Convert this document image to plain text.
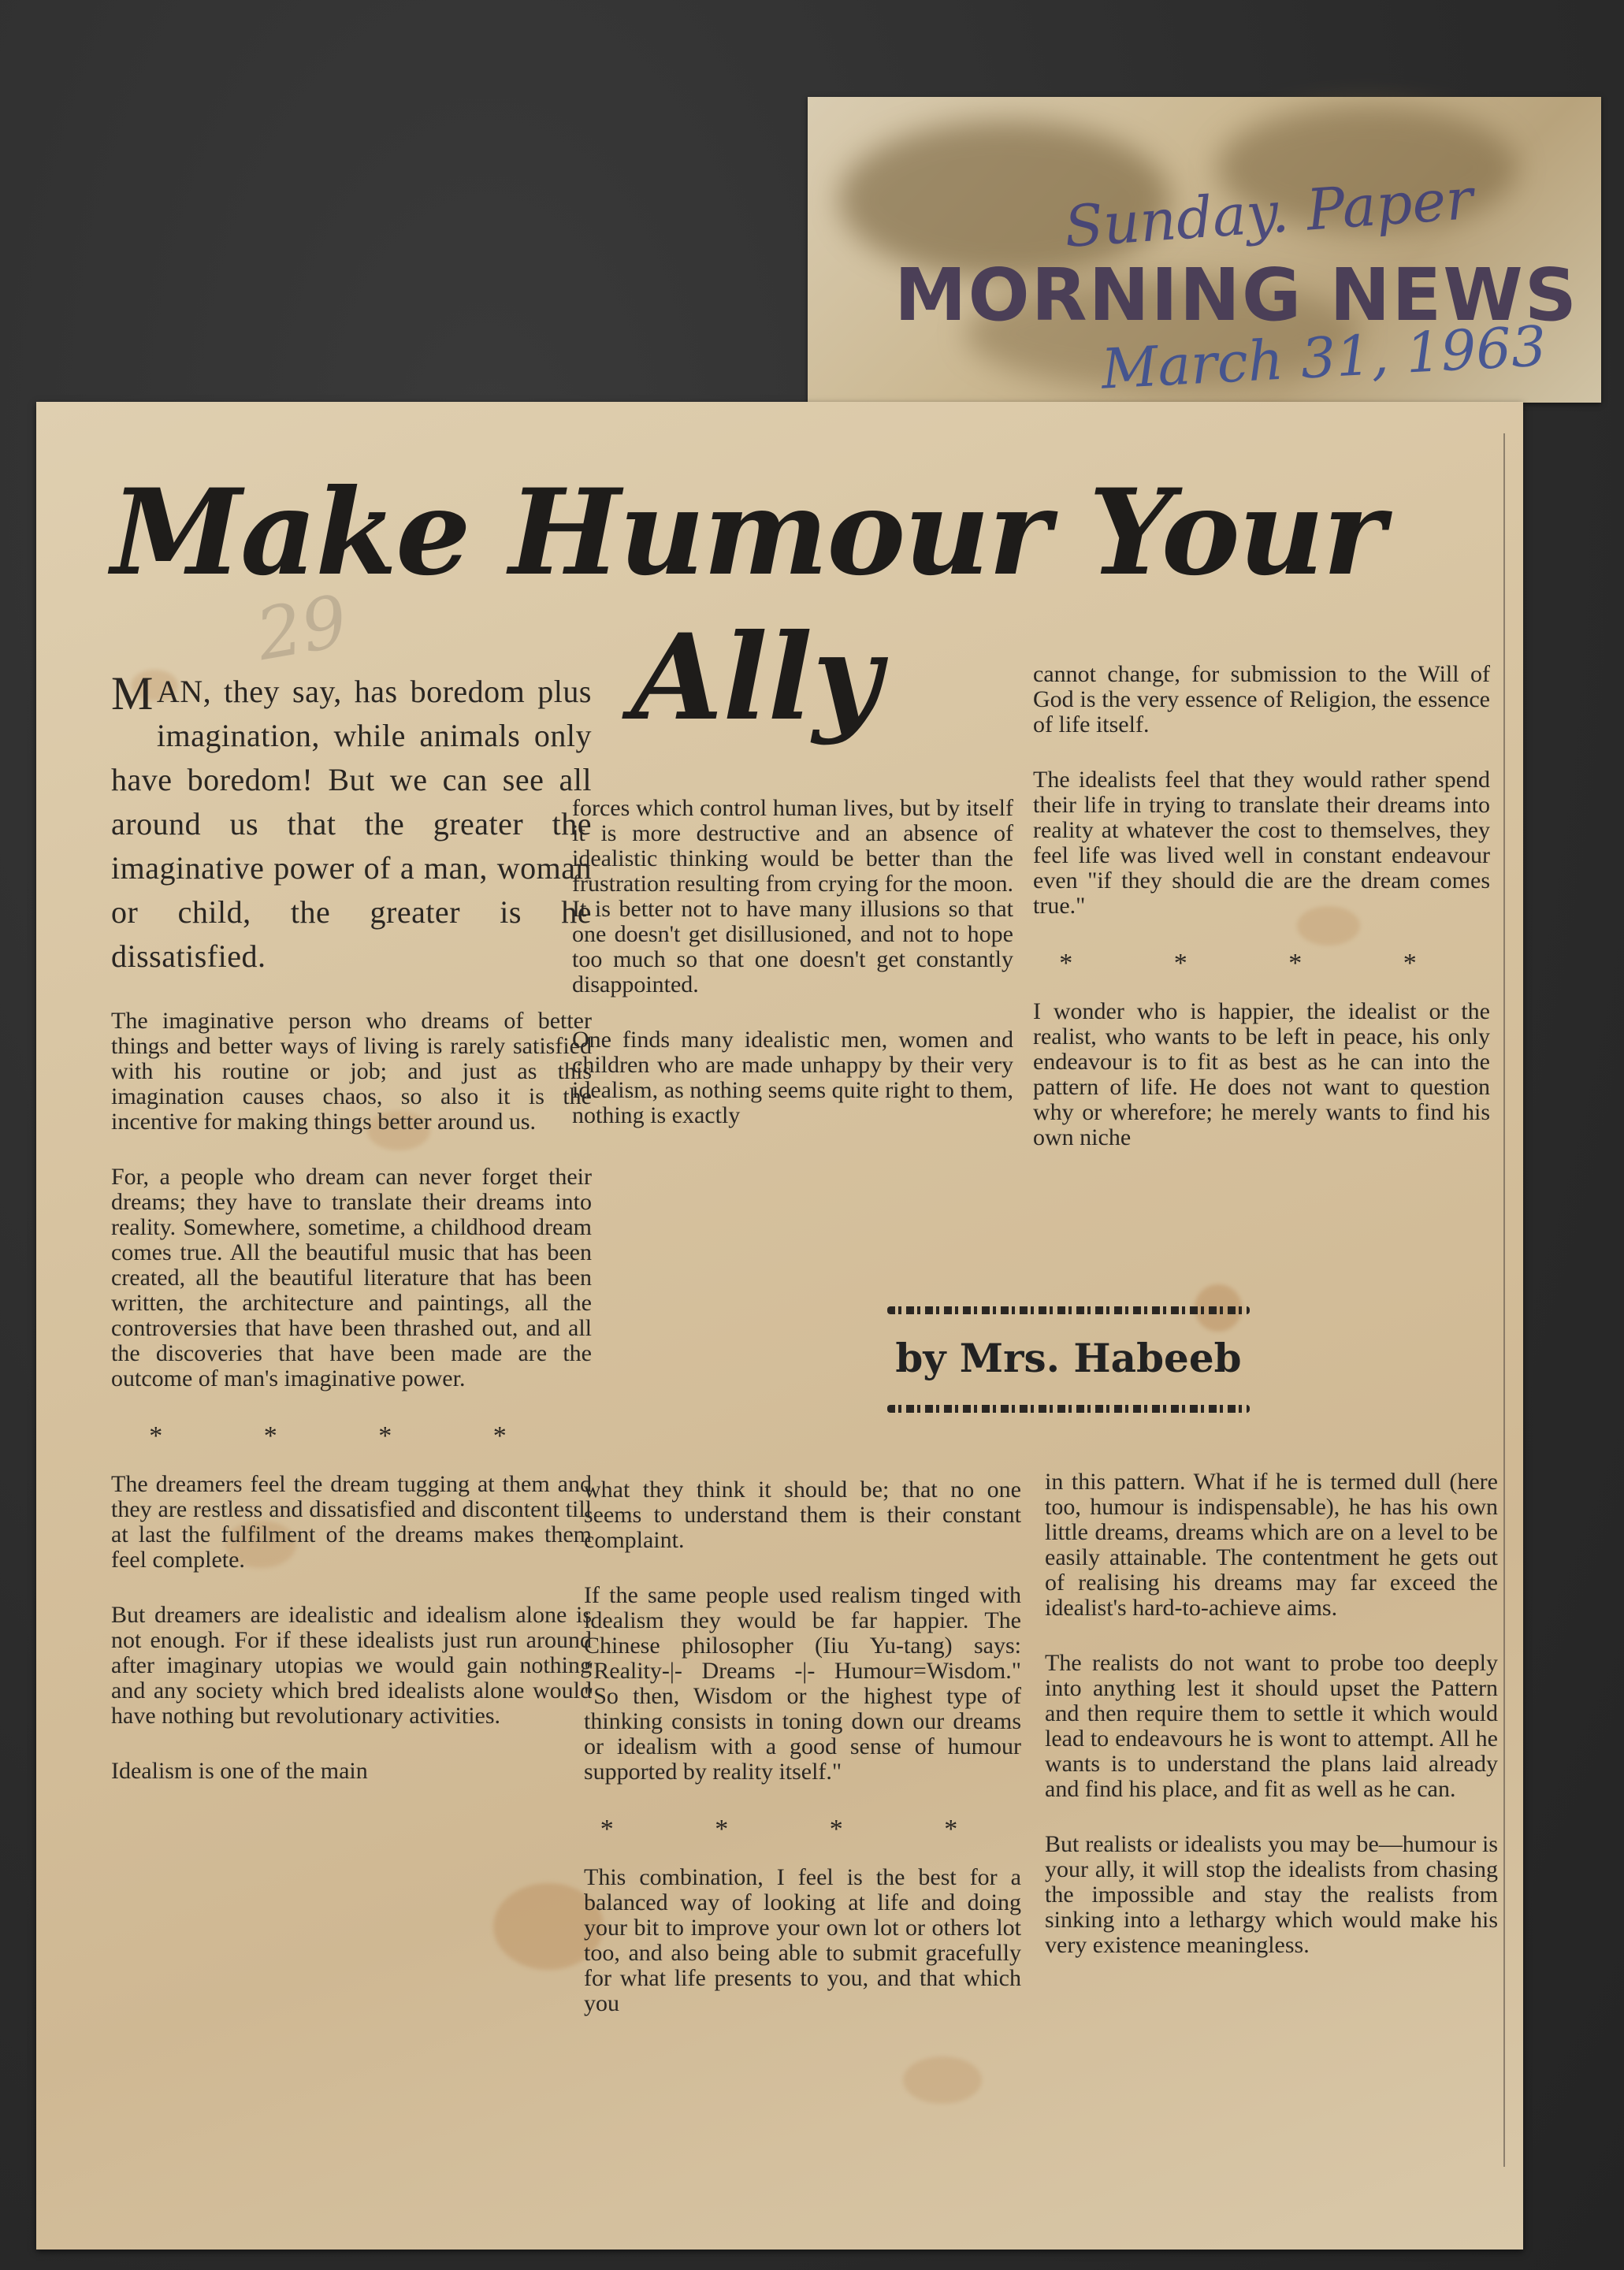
Sunday. Paper
MORNING NEWS
March 31, 1963
29
Make Humour Your
Ally

MAN, they say, has boredom plus imagination, while animals only have boredom! But we can see all around us that the greater the imaginative power of a man, woman or child, the greater is he dissatisfied.

The imaginative person who dreams of better things and better ways of living is rarely satisfied with his routine or job; and just as this imagination causes chaos, so also it is the incentive for making things better around us.

For, a people who dream can never forget their dreams; they have to translate their dreams into reality. Somewhere, sometime, a childhood dream comes true. All the beautiful music that has been created, all the beautiful literature that has been written, the architecture and paintings, all the controversies that have been thrashed out, and all the discoveries that have been made are the outcome of man's imaginative power.

* * * *

The dreamers feel the dream tugging at them and they are restless and dissatisfied and discontent till at last the fulfilment of the dreams makes them feel complete.

But dreamers are idealistic and idealism alone is not enough. For if these idealists just run around after imaginary utopias we would gain nothing and any society which bred idealists alone would have nothing but revolutionary activities.

Idealism is one of the main

forces which control human lives, but by itself it is more destructive and an absence of idealistic thinking would be better than the frustration resulting from crying for the moon. It is better not to have many illusions so that one doesn't get disillusioned, and not to hope too much so that one doesn't get constantly disappointed.

One finds many idealistic men, women and children who are made unhappy by their very idealism, as nothing seems quite right to them, nothing is exactly

cannot change, for submission to the Will of God is the very essence of Religion, the essence of life itself.

The idealists feel that they would rather spend their life in trying to translate their dreams into reality at whatever the cost to themselves, they feel life was lived well in constant endeavour even "if they should die are the dream comes true."

* * * *

I wonder who is happier, the idealist or the realist, who wants to be left in peace, his only endeavour is to fit as best as he can into the pattern of life. He does not want to question why or wherefore; he merely wants to find his own niche

by Mrs. Habeeb

what they think it should be; that no one seems to understand them is their constant complaint.

If the same people used realism tinged with idealism they would be far happier. The Chinese philosopher (Iiu Yu-tang) says: "Reality-|- Dreams -|- Humour=Wisdom." "So then, Wisdom or the highest type of thinking consists in toning down our dreams or idealism with a good sense of humour supported by reality itself."

* * * *

This combination, I feel is the best for a balanced way of looking at life and doing your bit to improve your own lot or others lot too, and also being able to submit gracefully for what life presents to you, and that which you

in this pattern. What if he is termed dull (here too, humour is indispensable), he has his own little dreams, dreams which are on a level to be easily attainable. The contentment he gets out of realising his dreams may far exceed the idealist's hard-to-achieve aims.

The realists do not want to probe too deeply into anything lest it should upset the Pattern and then require them to settle it which would lead to endeavours he is wont to attempt. All he wants is to understand the plans laid already and find his place, and fit as well as he can.

But realists or idealists you may be—humour is your ally, it will stop the idealists from chasing the impossible and stay the realists from sinking into a lethargy which would make his very existence meaningless.
